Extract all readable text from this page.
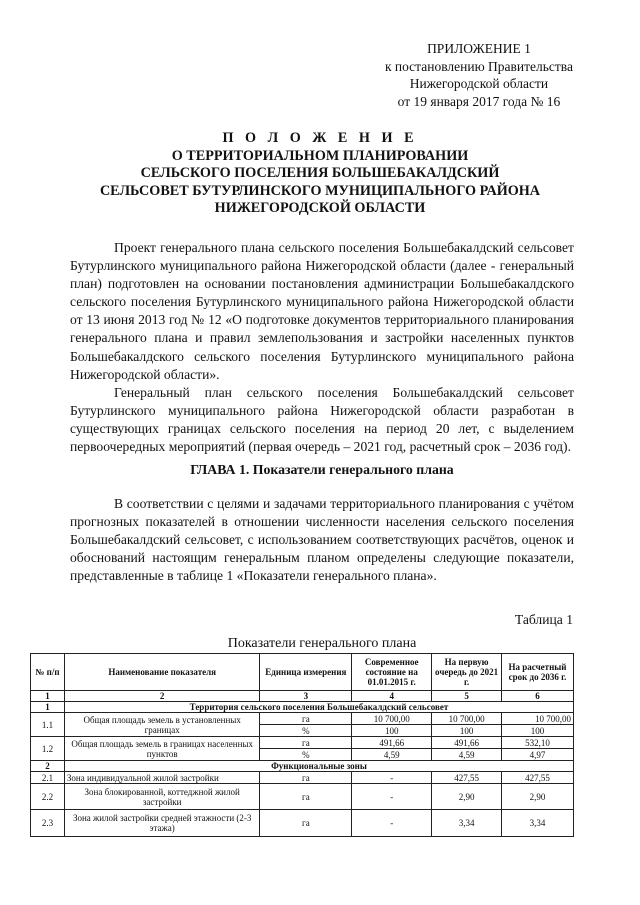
ПРИЛОЖЕНИЕ 1
к постановлению Правительства
Нижегородской области
от 19 января 2017 года № 16
П О Л О Ж Е Н И Е
О ТЕРРИТОРИАЛЬНОМ ПЛАНИРОВАНИИ
СЕЛЬСКОГО ПОСЕЛЕНИЯ БОЛЬШЕБАКАЛДСКИЙ
СЕЛЬСОВЕТ БУТУРЛИНСКОГО МУНИЦИПАЛЬНОГО РАЙОНА
НИЖЕГОРОДСКОЙ ОБЛАСТИ

Проект генерального плана сельского поселения Большебакалдский сельсовет Бутурлинского муниципального района Нижегородской области (далее - генеральный план) подготовлен на основании постановления администрации Большебакалдского сельского поселения Бутурлинского муниципального района Нижегородской области от 13 июня 2013 год № 12 «О подготовке документов территориального планирования генерального плана и правил землепользования и застройки населенных пунктов Большебакалдского сельского поселения Бутурлинского муниципального района Нижегородской области».

Генеральный план сельского поселения Большебакалдский сельсовет Бутурлинского муниципального района Нижегородской области разработан в существующих границах сельского поселения на период 20 лет, с выделением первоочередных мероприятий (первая очередь – 2021 год, расчетный срок – 2036 год).

ГЛАВА 1. Показатели генерального плана

В соответствии с целями и задачами территориального планирования с учётом прогнозных показателей в отношении численности населения сельского поселения Большебакалдский сельсовет, с использованием соответствующих расчётов, оценок и обоснований настоящим генеральным планом определены следующие показатели, представленные в таблице 1 «Показатели генерального плана».

Таблица 1
Показатели генерального плана
№ п/п	Наименование показателя	Единица измерения	Современное состояние на 01.01.2015 г.	На первую очередь до 2021 г.	На расчетный срок до 2036 г.
1	2	3	4	5	6
1	Территория сельского поселения Большебакалдский сельсовет				
1.1	Общая площадь земель в установленных границах	га	10 700,00	10 700,00	10 700,00
		%	100	100	100
1.2	Общая площадь земель в границах населенных пунктов	га	491,66	491,66	532,10
		%	4,59	4,59	4,97
2	Функциональные зоны				
2.1	Зона индивидуальной жилой застройки	га	-	427,55	427,55
2.2	Зона блокированной, коттеджной жилой застройки	га	-	2,90	2,90
2.3	Зона жилой застройки средней этажности (2-3 этажа)	га	-	3,34	3,34
